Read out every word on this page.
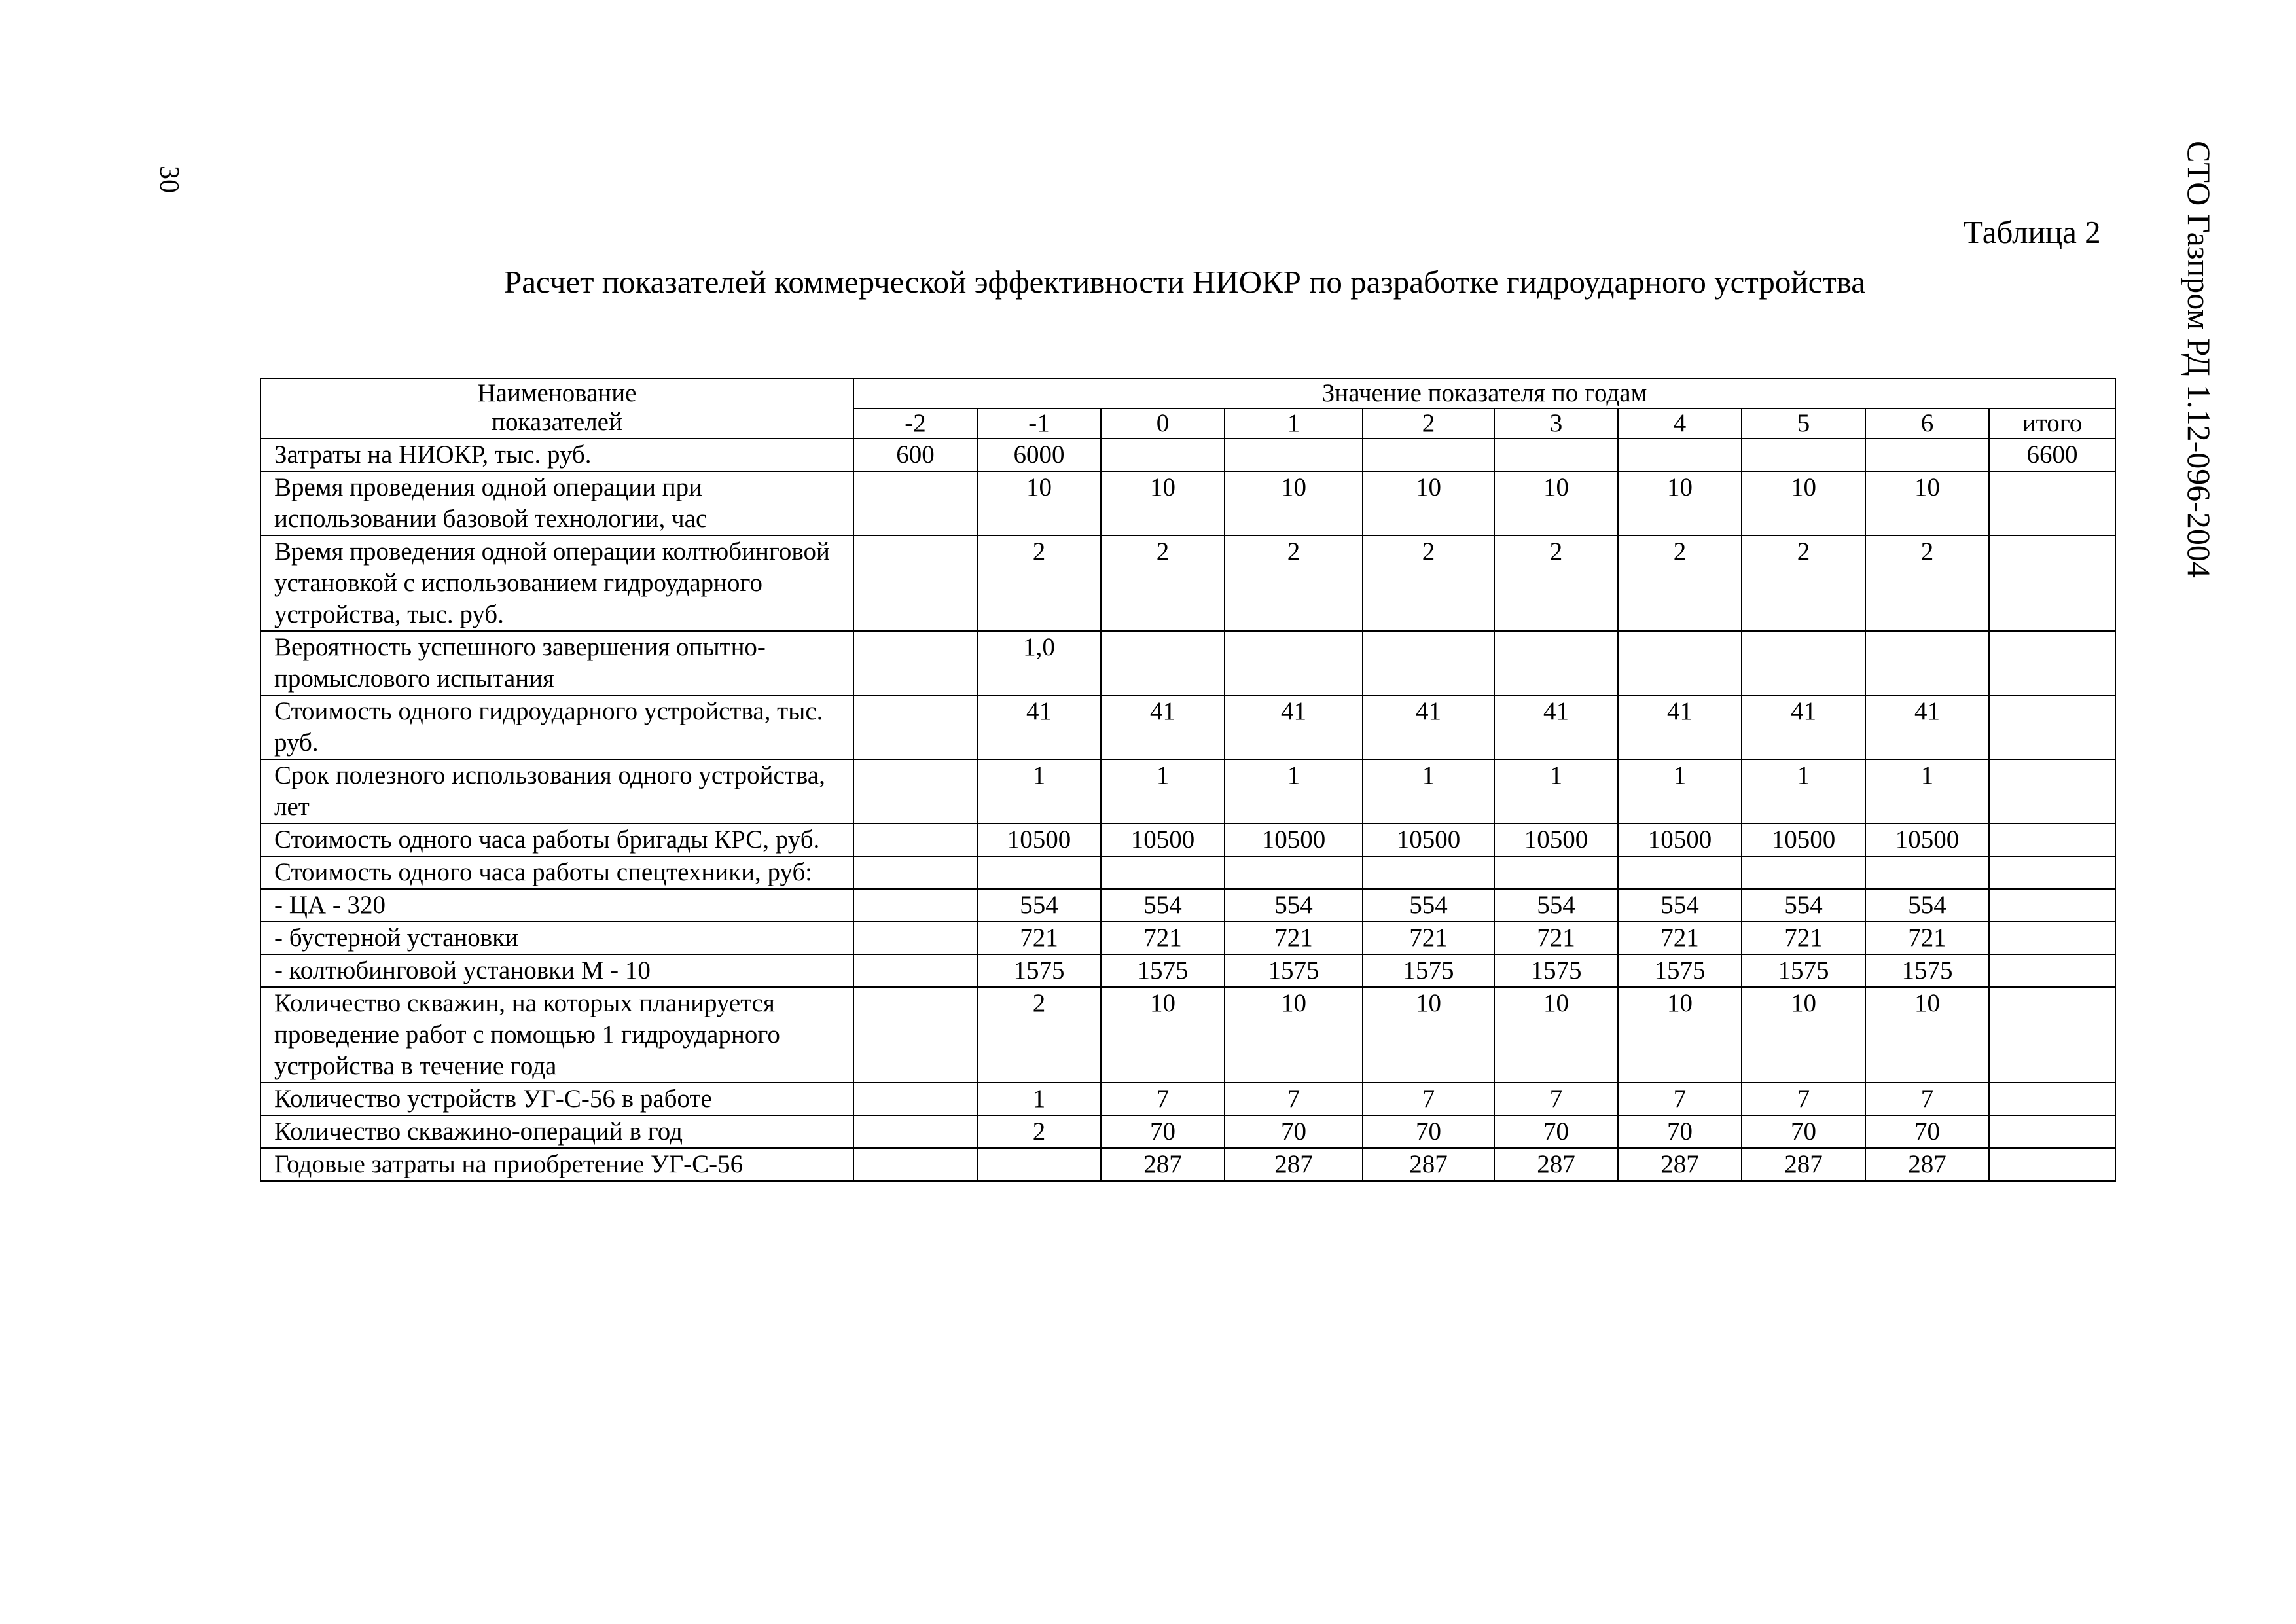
30	СТО Газпром РД 1.12-096-2004
Таблица 2
Расчет показателей коммерческой эффективности НИОКР по разработке гидроударного устройства
Наименование
показателей	Значение показателя по годам									
	-2	-1	0	1	2	3	4	5	6	итого
Затраты на НИОКР, тыс. руб.	600	6000								6600
Время проведения одной операции при использовании базовой технологии, час		10	10	10	10	10	10	10	10	
Время проведения одной операции колтюбинговой установкой с использованием гидроударного устройства, тыс. руб.		2	2	2	2	2	2	2	2	
Вероятность успешного завершения опытно-промыслового испытания		1,0								
Стоимость одного гидроударного устройства, тыс. руб.		41	41	41	41	41	41	41	41	
Срок полезного использования одного устройства, лет		1	1	1	1	1	1	1	1	
Стоимость одного часа работы бригады КРС, руб.		10500	10500	10500	10500	10500	10500	10500	10500	
Стоимость одного часа работы спецтехники, руб:										
- ЦА - 320		554	554	554	554	554	554	554	554	
- бустерной установки		721	721	721	721	721	721	721	721	
- колтюбинговой установки М - 10		1575	1575	1575	1575	1575	1575	1575	1575	
Количество скважин, на которых планируется проведение работ с помощью 1 гидроударного устройства в течение года		2	10	10	10	10	10	10	10	
Количество устройств УГ-С-56 в работе		1	7	7	7	7	7	7	7	
Количество скважино-операций в год		2	70	70	70	70	70	70	70	
Годовые затраты на приобретение УГ-С-56			287	287	287	287	287	287	287	
